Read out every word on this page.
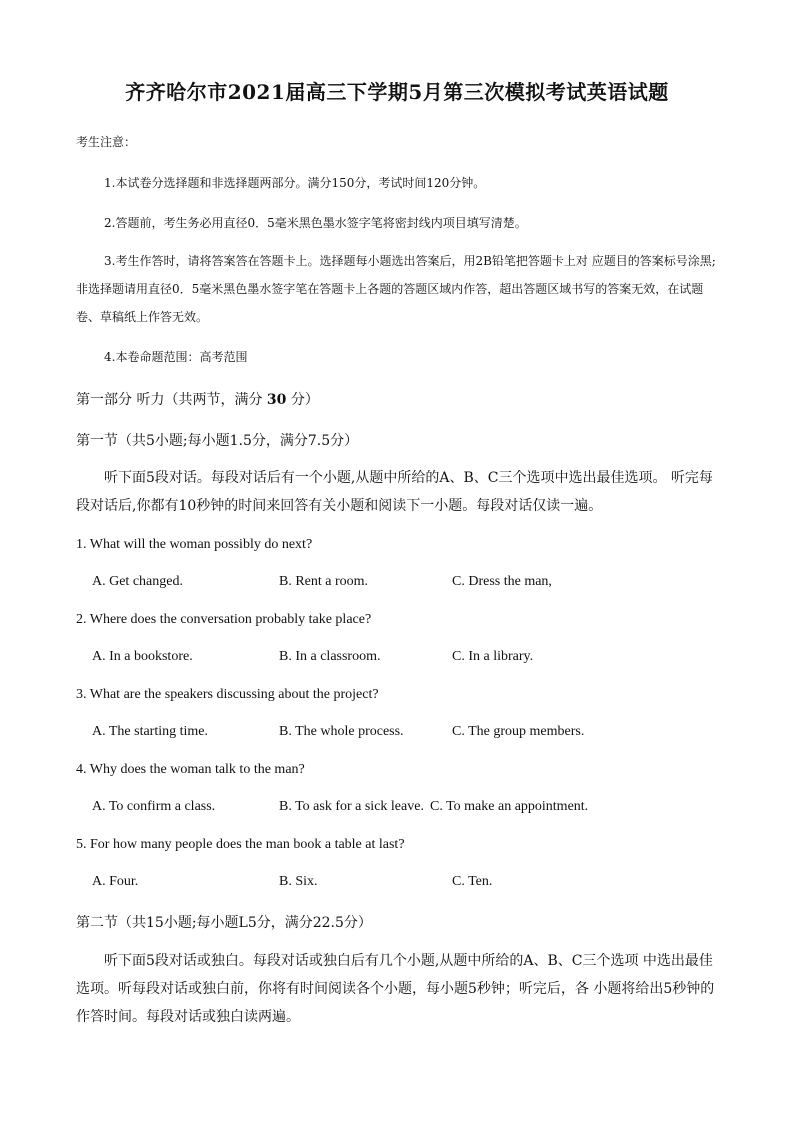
齐齐哈尔市2021届高三下学期5月第三次模拟考试英语试题
考生注意：
1.本试卷分选择题和非选择题两部分。满分150分，考试时间120分钟。
2.答题前，考生务必用直径0．5毫米黑色墨水签字笔将密封线内项目填写清楚。
3.考生作答时，请将答案答在答题卡上。选择题每小题选出答案后，用2B铅笔把答题卡上对 应题目的答案标号涂黑;非选择题请用直径0．5毫米黑色墨水签字笔在答题卡上各题的答题区域内作答，超出答题区域书写的答案无效，在试题卷、草稿纸上作答无效。
4.本卷命题范围：高考范围
第一部分 听力（共两节，满分 30 分）
第一节（共5小题;每小题1.5分，满分7.5分）
听下面5段对话。每段对话后有一个小题,从题中所给的A、B、C三个选项中选出最佳选项。 听完每段对话后,你都有10秒钟的时间来回答有关小题和阅读下一小题。每段对话仅读一遍。
1. What will the woman possibly do next?
A. Get changed.	B. Rent a room.	C. Dress the man,
2. Where does the conversation probably take place?
A. In a bookstore.	B. In a classroom.	C. In a library.
3. What are the speakers discussing about the project?
A. The starting time.	B. The whole process.	C. The group members.
4. Why does the woman talk to the man?
A. To confirm a class.	B. To ask for a sick leave. C. To make an appointment.
5. For how many people does the man book a table at last?
A. Four.	B. Six.	C. Ten.
第二节（共15小题;每小题L5分，满分22.5分）
听下面5段对话或独白。每段对话或独白后有几个小题,从题中所给的A、B、C三个选项 中选出最佳选项。听每段对话或独白前，你将有时间阅读各个小题，每小题5秒钟；听完后，各 小题将给出5秒钟的作答时间。每段对话或独白读两遍。
